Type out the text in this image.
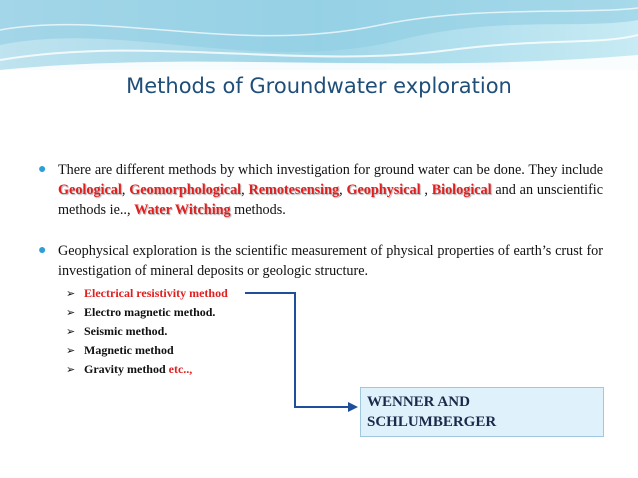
Methods of Groundwater exploration
● There are different methods by which investigation for ground water can be done. They include Geological, Geomorphological, Remotesensing, Geophysical , Biological and an unscientific methods ie.., Water Witching methods.
● Geophysical exploration is the scientific measurement of physical properties of earth’s crust for investigation of mineral deposits or geologic structure.
➢ Electrical resistivity method
➢ Electro magnetic method.
➢ Seismic method.
➢ Magnetic method
➢ Gravity method etc..,
WENNER AND
SCHLUMBERGER
